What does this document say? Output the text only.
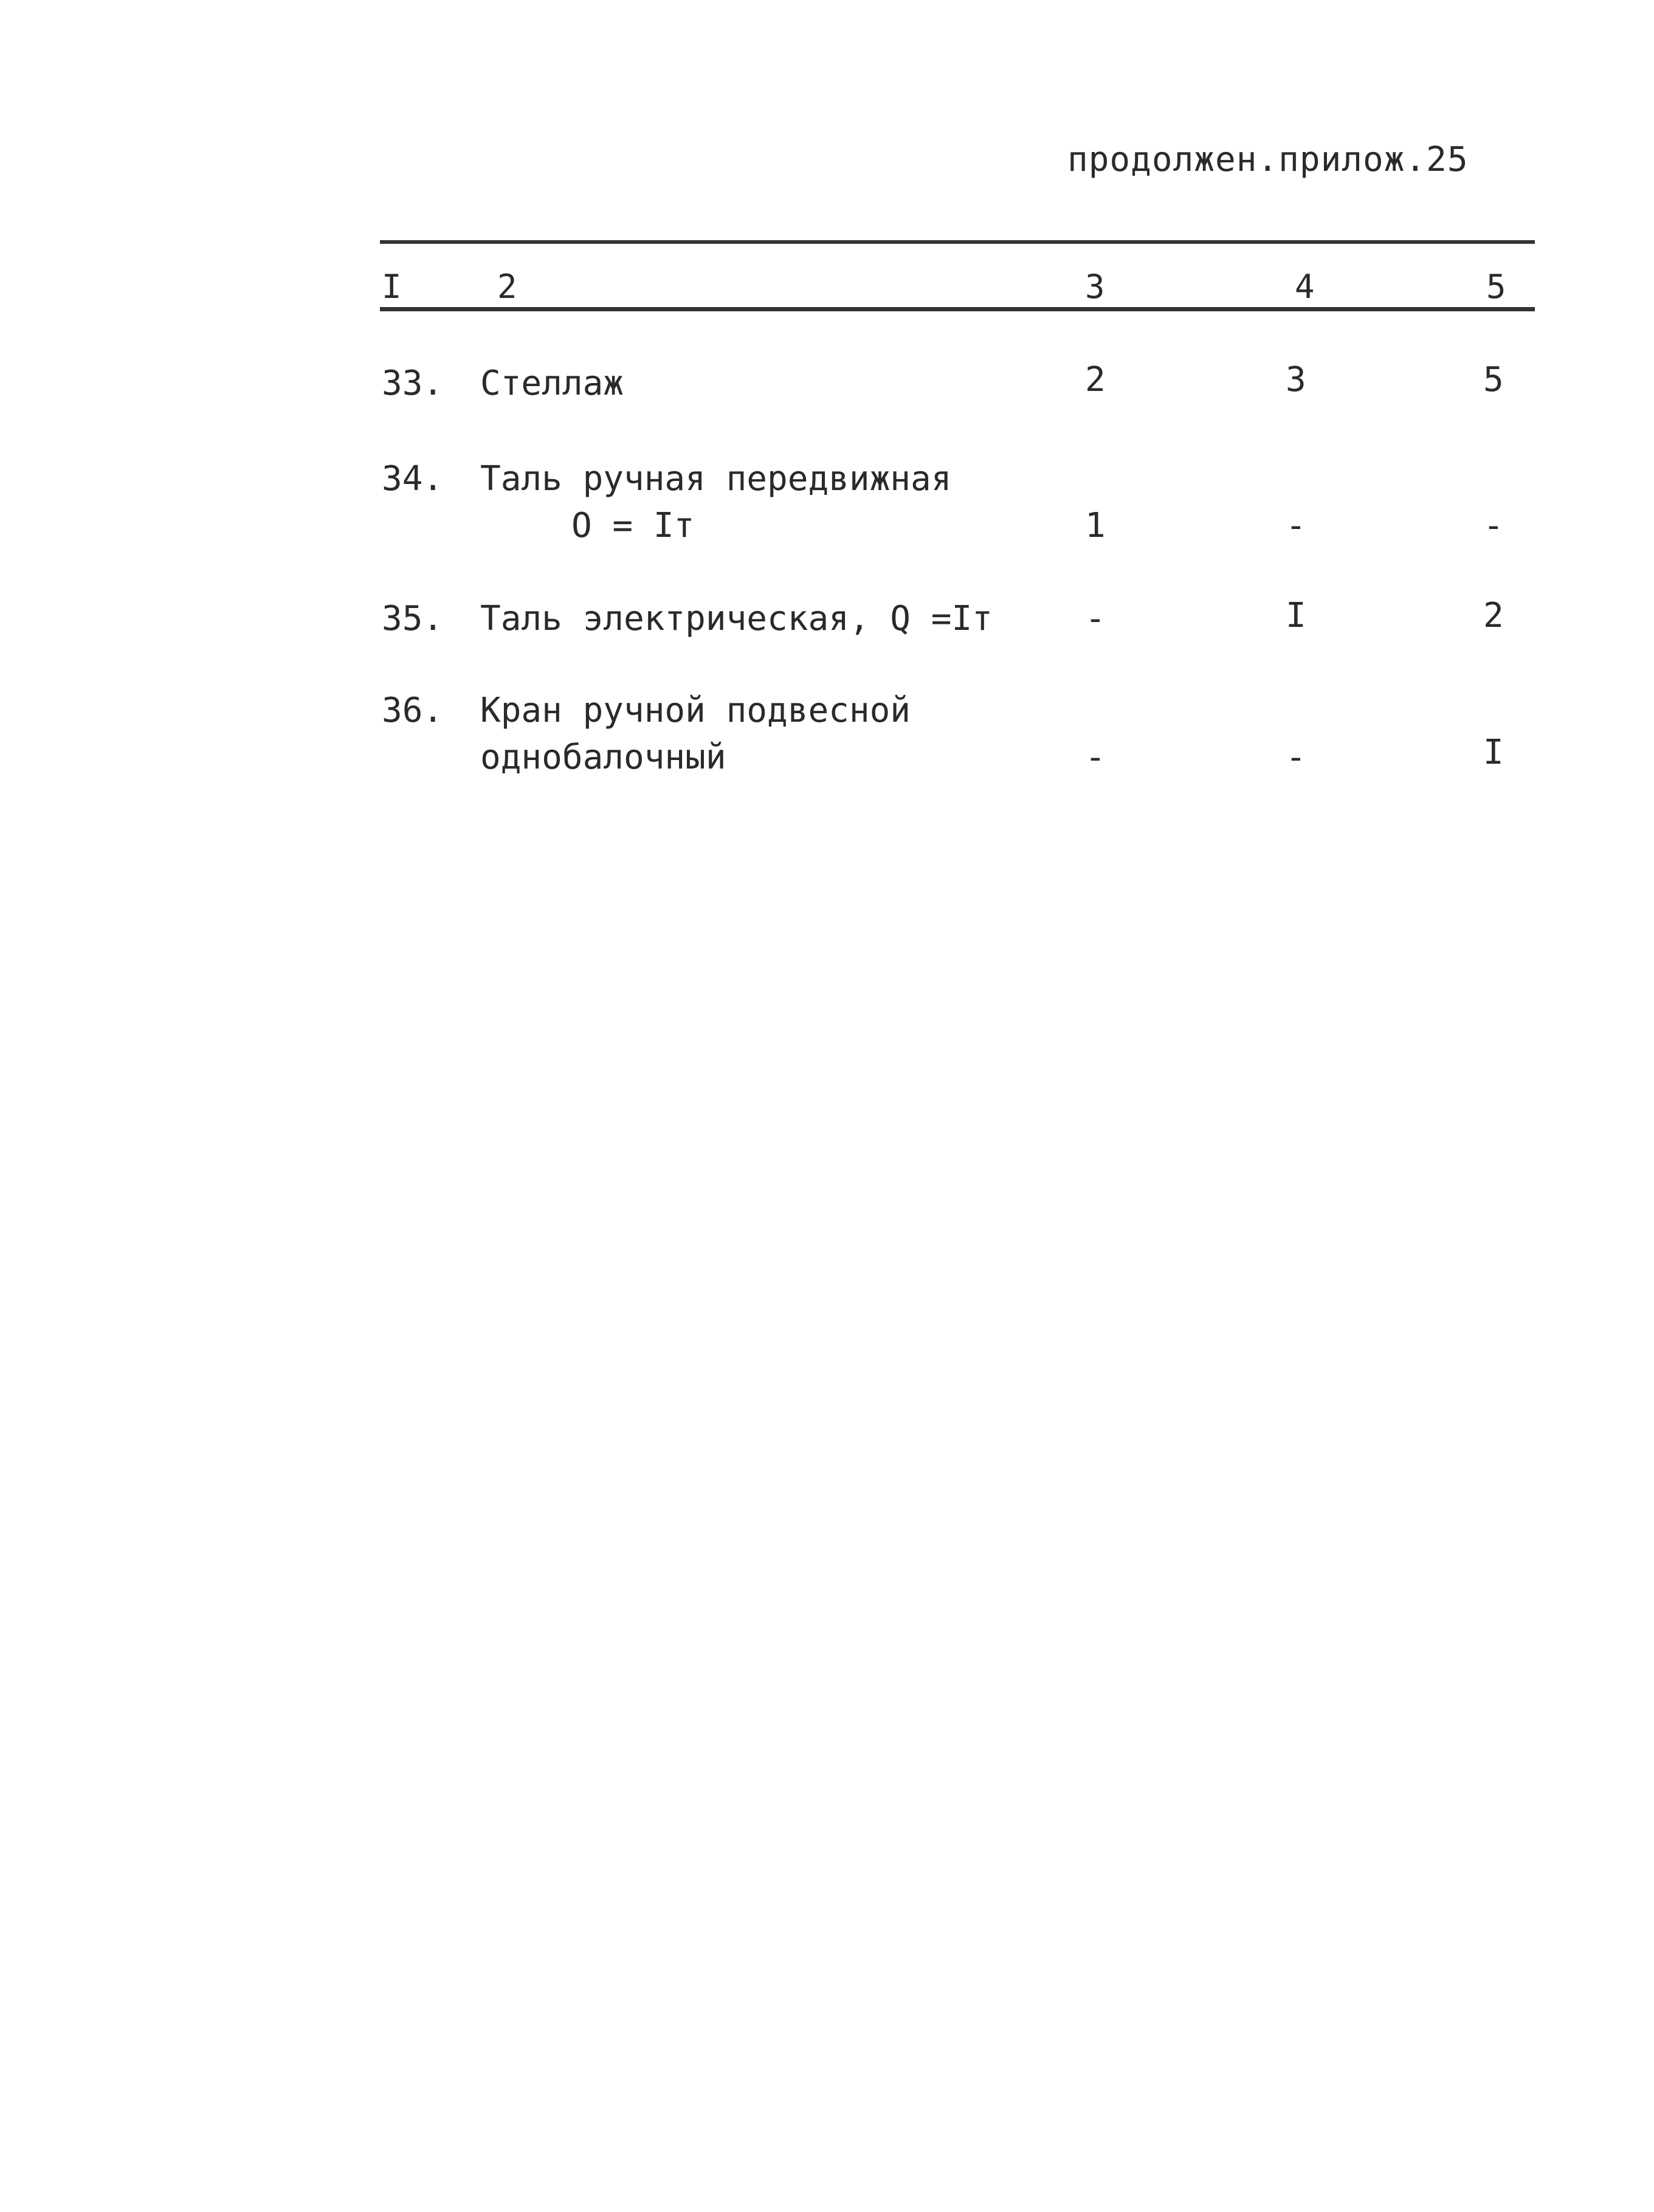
продолжен.прилож.25
I	2	3	4	5
33. Стеллаж	2	3	5
34. Таль ручная передвижная
О = Iт	1	-	-
35. Таль электрическая, Q =Iт	-	I	2
36. Кран ручной подвесной
однобалочный	-	-	I
